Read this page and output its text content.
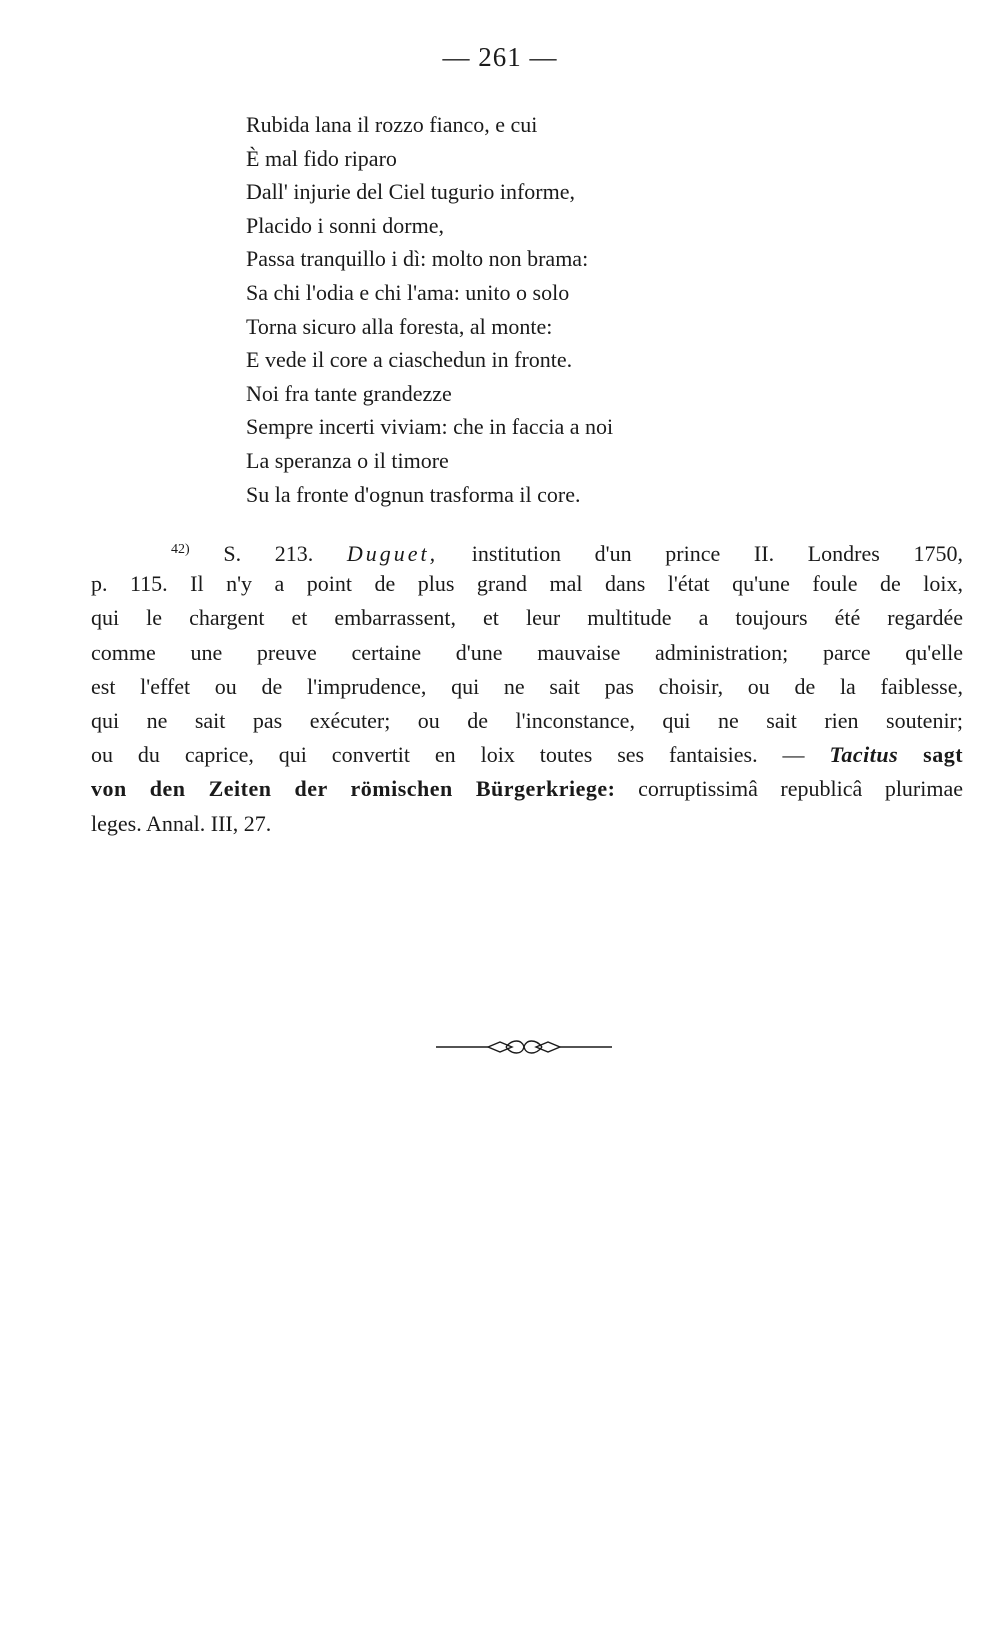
— 261 —
Rubida lana il rozzo fianco, e cui
È mal fido riparo
Dall' injurie del Ciel tugurio informe,
Placido i sonni dorme,
Passa tranquillo i dì: molto non brama:
Sa chi l'odia e chi l'ama: unito o solo
Torna sicuro alla foresta, al monte:
E vede il core a ciaschedun in fronte.
Noi fra tante grandezze
Sempre incerti viviam: che in faccia a noi
La speranza o il timore
Su la fronte d'ognun trasforma il core.
$^{42)}$ S. 213. Duguet, institution d'un prince II. Londres 1750,
p. 115. Il n'y a point de plus grand mal dans l'état qu'une foule de loix,
qui le chargent et embarrassent, et leur multitude a toujours été regardée
comme une preuve certaine d'une mauvaise administration; parce qu'elle
est l'effet ou de l'imprudence, qui ne sait pas choisir, ou de la faiblesse,
qui ne sait pas exécuter; ou de l'inconstance, qui ne sait rien soutenir;
ou du caprice, qui convertit en loix toutes ses fantaisies. — Tacitus sagt
von den Zeiten der römischen Bürgerkriege: corruptissimâ republicâ plurimae
leges. Annal. III, 27.
